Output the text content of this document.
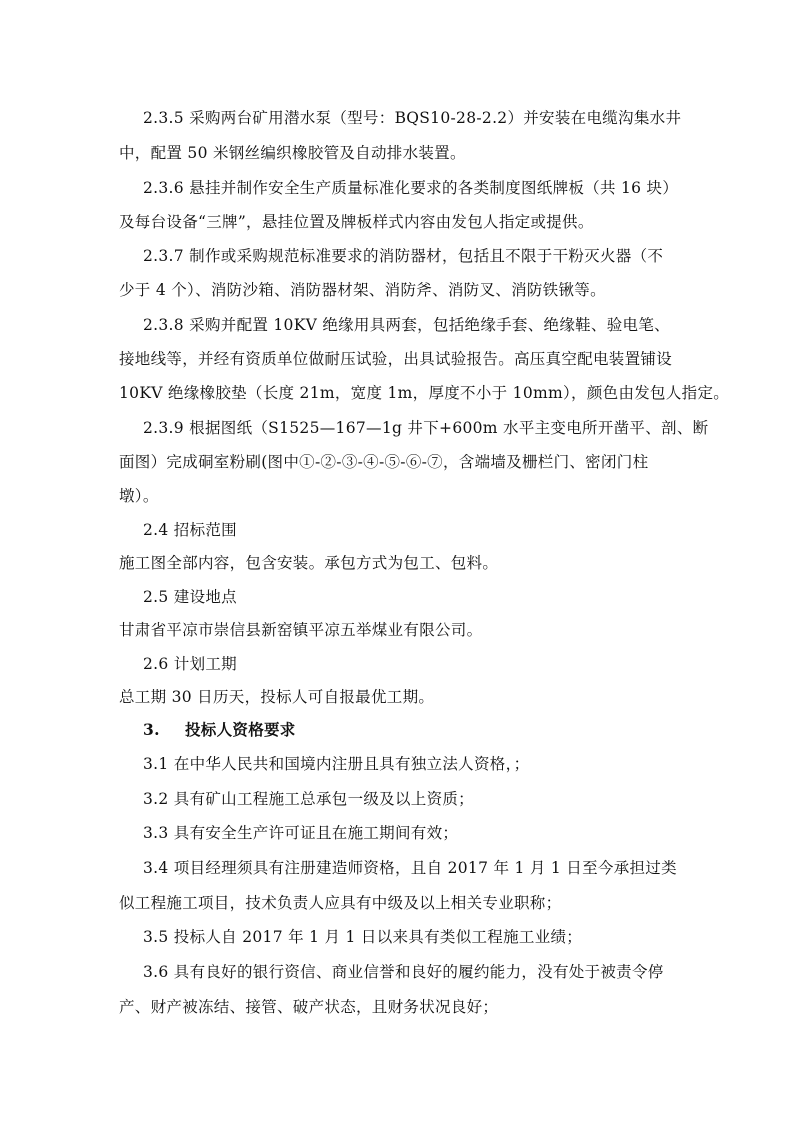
2.3.5 采购两台矿用潜水泵（型号：BQS10-28-2.2）并安装在电缆沟集水井

中，配置 50 米钢丝编织橡胶管及自动排水装置。

2.3.6 悬挂并制作安全生产质量标准化要求的各类制度图纸牌板（共 16 块）

及每台设备“三牌”，悬挂位置及牌板样式内容由发包人指定或提供。

2.3.7 制作或采购规范标准要求的消防器材，包括且不限于干粉灭火器（不

少于 4 个）、消防沙箱、消防器材架、消防斧、消防叉、消防铁锹等。

2.3.8 采购并配置 10KV 绝缘用具两套，包括绝缘手套、绝缘鞋、验电笔、

接地线等，并经有资质单位做耐压试验，出具试验报告。高压真空配电装置铺设

10KV 绝缘橡胶垫（长度 21m，宽度 1m，厚度不小于 10mm），颜色由发包人指定。

2.3.9 根据图纸（S1525—167—1g 井下+600m 水平主变电所开凿平、剖、断

面图）完成硐室粉刷(图中①-②-③-④-⑤-⑥-⑦，含端墙及栅栏门、密闭门柱

墩）。

2.4 招标范围

施工图全部内容，包含安装。承包方式为包工、包料。

2.5 建设地点

甘肃省平凉市崇信县新窑镇平凉五举煤业有限公司。

2.6 计划工期

总工期 30 日历天，投标人可自报最优工期。

3. 投标人资格要求

3.1 在中华人民共和国境内注册且具有独立法人资格，；

3.2 具有矿山工程施工总承包一级及以上资质；

3.3 具有安全生产许可证且在施工期间有效；

3.4 项目经理须具有注册建造师资格，且自 2017 年 1 月 1 日至今承担过类

似工程施工项目，技术负责人应具有中级及以上相关专业职称；

3.5 投标人自 2017 年 1 月 1 日以来具有类似工程施工业绩；

3.6 具有良好的银行资信、商业信誉和良好的履约能力，没有处于被责令停

产、财产被冻结、接管、破产状态，且财务状况良好；
